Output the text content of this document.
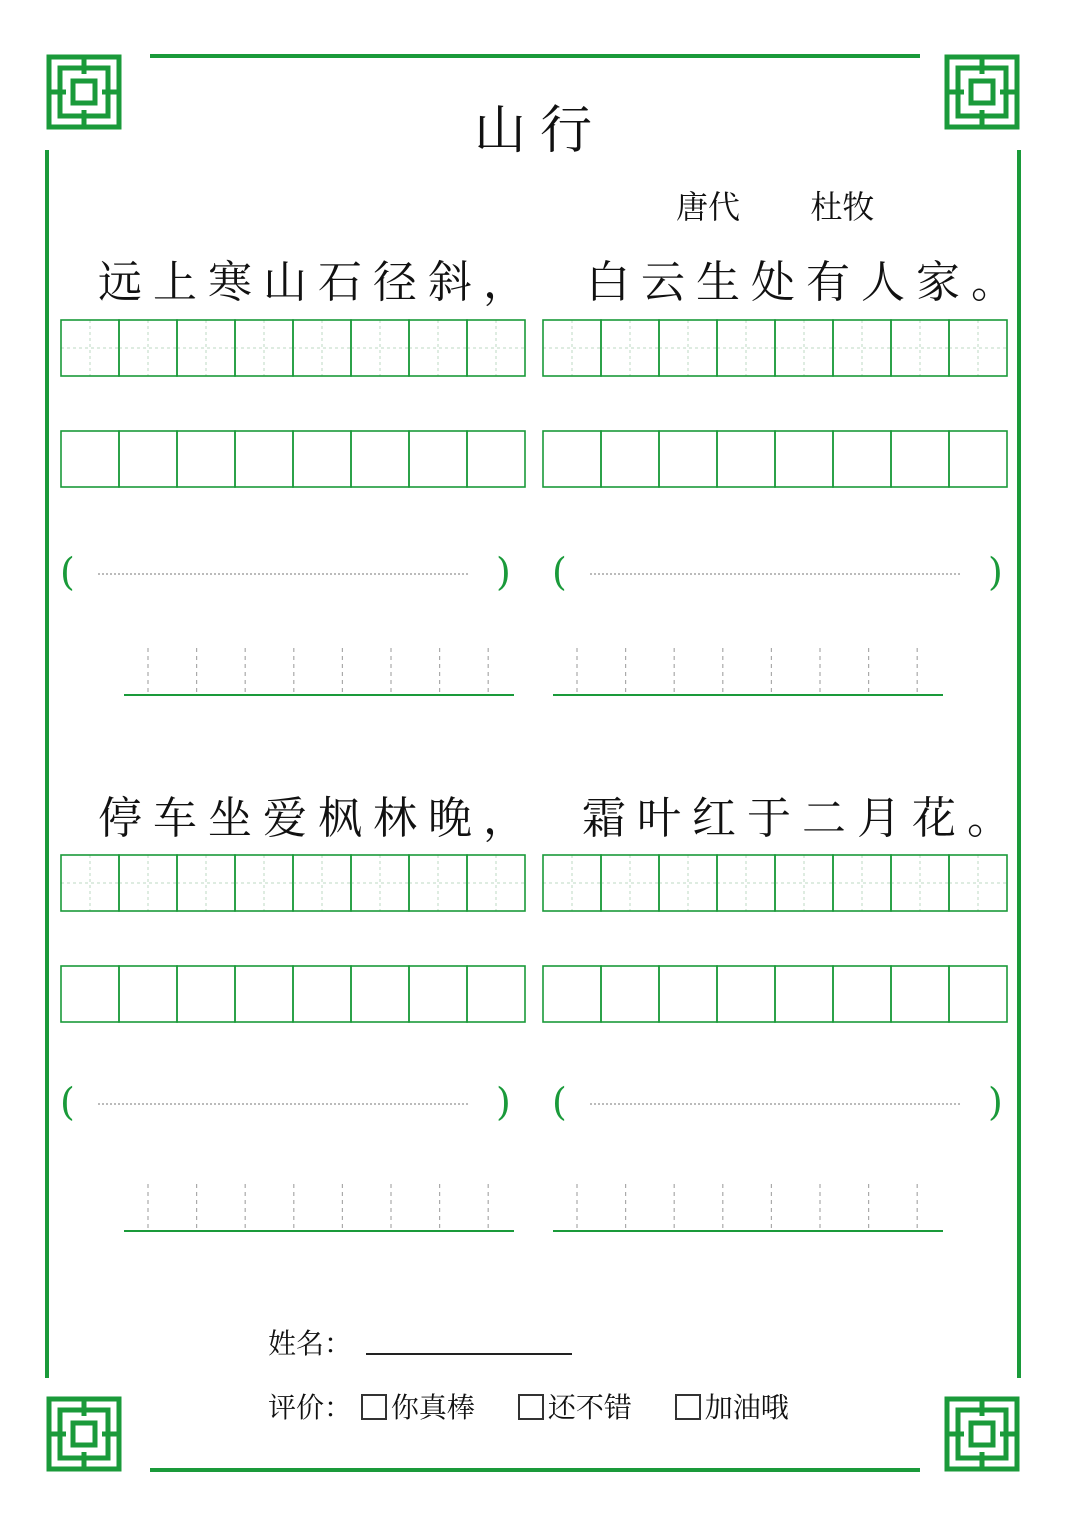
山行
唐代 杜牧
远上寒山石径斜， 白云生处有人家。
停车坐爱枫林晚， 霜叶红于二月花。
(	) (	)
(	) (	)
姓名：
评价： 你真棒	还不错	加油哦
